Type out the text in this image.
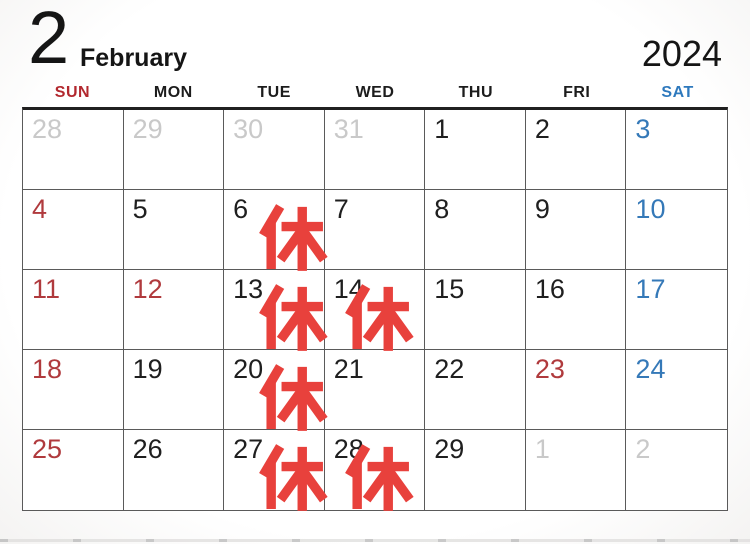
2 February	2024
SUN	MON	TUE	WED	THU	FRI	SAT
28	29	30	31	1	2	3
4	5	6	7	8	9	10
11	12	13	14	15	16	17
18	19	20	21	22	23	24
25	26	27	28	29	1	2
